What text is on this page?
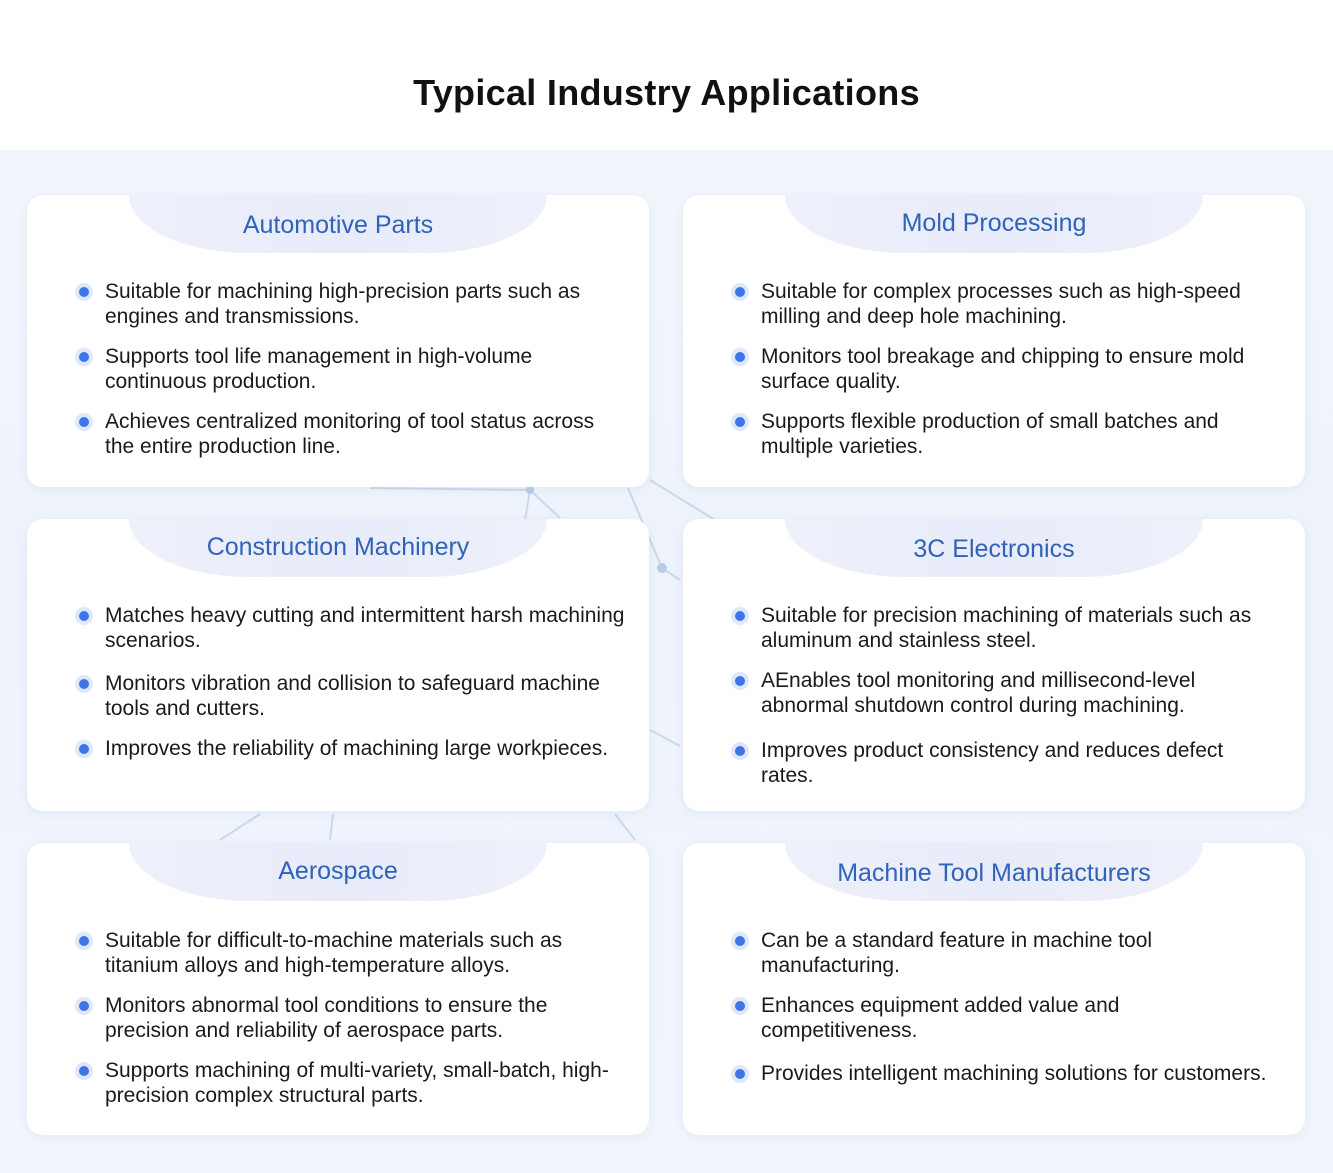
Typical Industry Applications
Automotive Parts
Suitable for machining high-precision parts such as engines and transmissions.
Supports tool life management in high-volume continuous production.
Achieves centralized monitoring of tool status across the entire production line.
Mold Processing
Suitable for complex processes such as high-speed milling and deep hole machining.
Monitors tool breakage and chipping to ensure mold surface quality.
Supports flexible production of small batches and multiple varieties.
Construction Machinery
Matches heavy cutting and intermittent harsh machining scenarios.
Monitors vibration and collision to safeguard machine tools and cutters.
Improves the reliability of machining large workpieces.
3C Electronics
Suitable for precision machining of materials such as aluminum and stainless steel.
AEnables tool monitoring and millisecond-level abnormal shutdown control during machining.
Improves product consistency and reduces defect rates.
Aerospace
Suitable for difficult-to-machine materials such as titanium alloys and high-temperature alloys.
Monitors abnormal tool conditions to ensure the precision and reliability of aerospace parts.
Supports machining of multi-variety, small-batch, high-precision complex structural parts.
Machine Tool Manufacturers
Can be a standard feature in machine tool manufacturing.
Enhances equipment added value and competitiveness.
Provides intelligent machining solutions for customers.
